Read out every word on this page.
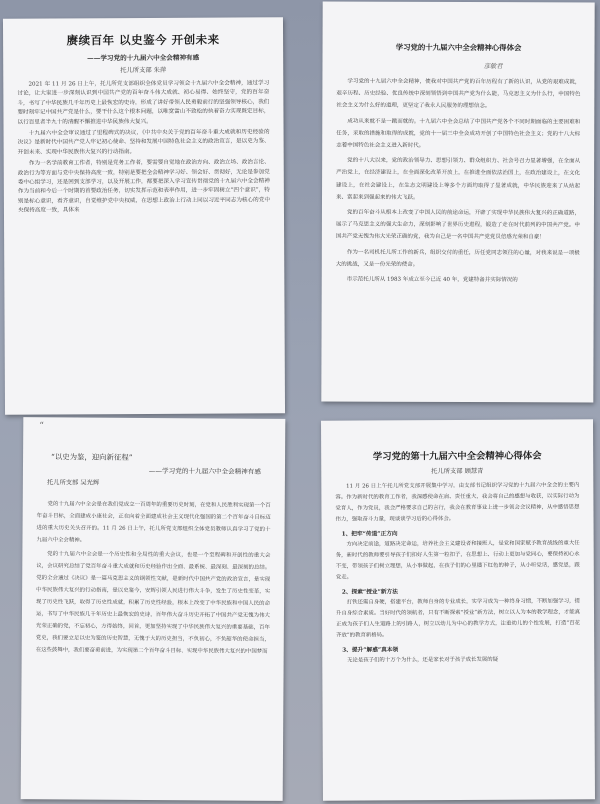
赓续百年 以史鉴今 开创未来
——学习党的十九届六中全会精神有感
托儿所支部 朱萍

2021 年 11 月 26 日上午，托儿所党支部组织全体党员学习领会十九届六中全会精神，通过学习讨论，让大家进一步深刻认识到中国共产党的百年奋斗伟大成就、初心易得、始终坚守，党的百年奋斗，书写了中华民族几千年历史上最恢宏的史诗，形成了讲好带领人民勇毅前行的坚强领导核心，我们要时刻牢记中国共产党是什么，要干什么这个根本问题，以唯宽雷山不致松的执着奋力实现既定目标，以行百里者半九十的清醒不懈推进中华民族伟大复兴。

十九届六中全会审议通过了里程碑式的决议，《中共中央关于党的百年奋斗重大成就和历史经验的决议》是新时代中国共产党人牢记初心使命、坚持和发展中国特色社会主义的政治宣言，是以史为鉴、开创未来、实现中华民族伟大复兴的行动指南。

作为一名学前教育工作者，特别是党务工作者，要需要自觉地在政治方向、政治立场、政治言论、政治行为等方面与党中央保持高度一致，特别是要把全会精神学习好、领会好、贯彻好，无论是参加党委中心组学习，还是回到支部学习，以及开展工作，都要把深入学习宣传贯彻党的十九届六中全会精神作为当前和今后一个时期的首要政治任务，切实发挥示范和表率作用，进一步牢固树立“四个意识”，特别是标心意识，看齐意识，自觉维护党中央权威，在思想上政治上行动上同以习近平同志为核心的党中央保持高度一致，具体来

学习党的十九届六中全会精神心得体会
彦敏君

学习党的十九届六中全会精神，使我对中国共产党的百年历程有了新的认识，从党的艰难成就，艰辛历程、历史经验、优良传统中深刻领悟到中国共产党为什么能，马克思主义为什么行，中国特色社会主义为什么好的道理，更坚定了我永人民服务的理想信念。

成功从来就不是一蹴而就的。十九届六中全会总结了中国共产党各个不同时期面临的主要困难和任务，采取的措施和取得的成就，党的十一届三中全会成功开创了中国特色社会主义；党的十八大标志着中国特色社会主义进入新时代。

党的十八大以来，党的政治领导力、思想引领力、群众组织力、社会号召力显著增强，在全面从严治党上，在经济建设上，在全面深化改革开放上，在推进全面依法治国上，在政治建设上，在文化建设上，在社会建设上，在生态文明建设上等多个方面均取得了显著成就，中华民族迎来了从站起来、富起来到强起来的伟大飞跃。

党的百年奋斗从根本上改变了中国人民的前途命运，开辟了实现中华民族伟大复兴的正确道路，展示了马克思主义的强大生命力，深刻影响了世界历史进程，锻造了走在时代前列的中国共产党。中国共产党无愧为伟大光荣正确的党，我为自己是一名中国共产党党员倍感光荣和自豪！

作为一名司机托儿所工作的新兵，组织交付的重任，历任党同志领往的心量，对我来说是一项极大的挑战，又是一份光荣的使命。

市示范托儿所从 1983 年成立至今已近 40 年，党建特备并实际情况的

“
“以史为鉴，迎向新征程”
——学习党的十九届六中全会精神有感
托儿所支部 吴光辉

党的十九届六中全会是在我们党成立一百周年的重要历史时刻，在党和人民胜利实现第一个百年奋斗目标，全面建成小康社会，正在向着全面建成社会主义现代化强国的第二个百年奋斗目标迈进的重大历史关头召开的。11 月 26 日上午，托儿所党支部组织全体党员教师认真学习了党的十九届六中全会精神。

党的十九届六中全会是一个历史性和全局性的重大会议，也是一个至程碑和开创性的重大会议，会议研究总结了党百年奋斗重大成就和历史经验作出全面、最系统、最深刻、最深刻的总结。党的全会通过《决议》是一篇马克思主义的纲领性文献，是新时代中国共产党的政治宣言，是实现中华民族伟大复兴的行动指南，是以史鉴今，安辉引领人民进行伟大斗争，发生了历史性变革，实现了历史性飞跃，取得了历史性成就，积累了历史性经验，根本上改变了中华民族和中国人民的命运，书写了中华民族几千年历史上最恢宏的史诗，百年伟大奋斗历史开拓了中国共产党无愧为伟大光荣正确的党，不忘初心，方得始终，回首，更加坚持实现了中华民族伟大复兴的重要基础，百年党史，我们要立足以史为鉴的历史智慧，无愧于大的历史担当，不负初心，不负韶华的使命担当，在这些鼓舞中，我们要奋勇前进，为实现第二个百年奋斗目标、实现中华民族伟大复兴的中国梦而

学习党的第十九届六中全会精神心得体会
托儿所支部 顾慧青

11 月 26 日上午托儿所党支部开展集中学习，由支部书记组织学习党的十九届六中全会的主要内容。作为新时代的教育工作者，我深感使命在肩、责任重大，我会将自己的感想与收获，以实际行动为党育人，作为党员，我会严格要求自己的言行，我会在教育事业上进一步领会会议精神，从中感悟思想伟力，强取奋斗力量，现谈谈学习后的心得体会。

1、把牢“传道”正方向

方向决定前途，道路决定命运，培养社会主义建设者和接班人，是党和国家赋予教育战线的重大任务，新时代的教师要引导孩子们扣好人生第一粒扣子，在思想上、行动上更加与党同心，要保持初心永不变，带领孩子们树立理想，从小事做起，在孩子们的心里播下红色的种子，从小听党话，感党恩，跟党走。

2、探索“授业”新方法

打铁还需自身硬，搭建平台，教师自身的专业成长，实学习成为一种终身习惯，不断加强学习，提升自身综合素质。当好时代的领航者，只有不断探索“授业”新方法，树立以人为本的教学理念，才能真正成为孩子们人生道路上的引路人，树立以幼儿为中心的教学方式，注重幼儿的个性发展，打造“百花齐放”的教育新格局。

3、提升“解惑”真本领

无论是孩子们的十万个为什么，还是家长对于孩子成长发展的疑
